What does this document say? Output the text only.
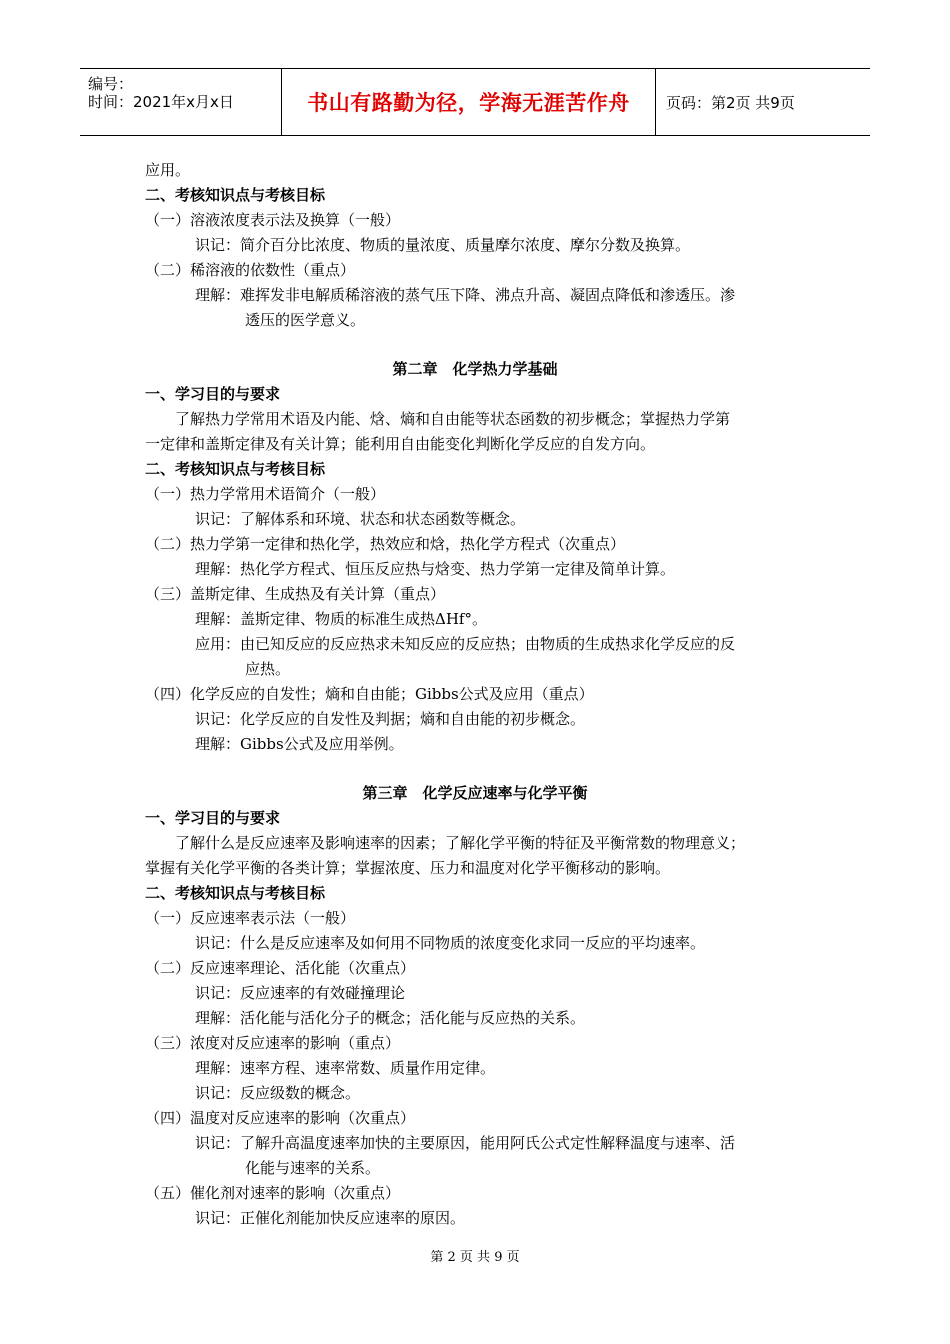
编号：
时间：2021年x月x日	书山有路勤为径，学海无涯苦作舟 页码：第2页 共9页
应用。
二、考核知识点与考核目标
（一）溶液浓度表示法及换算（一般）
识记：简介百分比浓度、物质的量浓度、质量摩尔浓度、摩尔分数及换算。
（二）稀溶液的依数性（重点）
理解：难挥发非电解质稀溶液的蒸气压下降、沸点升高、凝固点降低和渗透压。渗
透压的医学意义。
第二章　化学热力学基础
一、学习目的与要求
了解热力学常用术语及内能、焓、熵和自由能等状态函数的初步概念；掌握热力学第
一定律和盖斯定律及有关计算；能利用自由能变化判断化学反应的自发方向。
二、考核知识点与考核目标
（一）热力学常用术语简介（一般）
识记：了解体系和环境、状态和状态函数等概念。
（二）热力学第一定律和热化学，热效应和焓，热化学方程式（次重点）
理解：热化学方程式、恒压反应热与焓变、热力学第一定律及简单计算。
（三）盖斯定律、生成热及有关计算（重点）
理解：盖斯定律、物质的标准生成热ΔHf°。
应用：由已知反应的反应热求未知反应的反应热；由物质的生成热求化学反应的反
应热。
（四）化学反应的自发性；熵和自由能；Gibbs公式及应用（重点）
识记：化学反应的自发性及判据；熵和自由能的初步概念。
理解：Gibbs公式及应用举例。
第三章　化学反应速率与化学平衡
一、学习目的与要求
了解什么是反应速率及影响速率的因素；了解化学平衡的特征及平衡常数的物理意义；
掌握有关化学平衡的各类计算；掌握浓度、压力和温度对化学平衡移动的影响。
二、考核知识点与考核目标
（一）反应速率表示法（一般）
识记：什么是反应速率及如何用不同物质的浓度变化求同一反应的平均速率。
（二）反应速率理论、活化能（次重点）
识记：反应速率的有效碰撞理论
理解：活化能与活化分子的概念；活化能与反应热的关系。
（三）浓度对反应速率的影响（重点）
理解：速率方程、速率常数、质量作用定律。
识记：反应级数的概念。
（四）温度对反应速率的影响（次重点）
识记：了解升高温度速率加快的主要原因，能用阿氏公式定性解释温度与速率、活
化能与速率的关系。
（五）催化剂对速率的影响（次重点）
识记：正催化剂能加快反应速率的原因。
第 2 页 共 9 页
